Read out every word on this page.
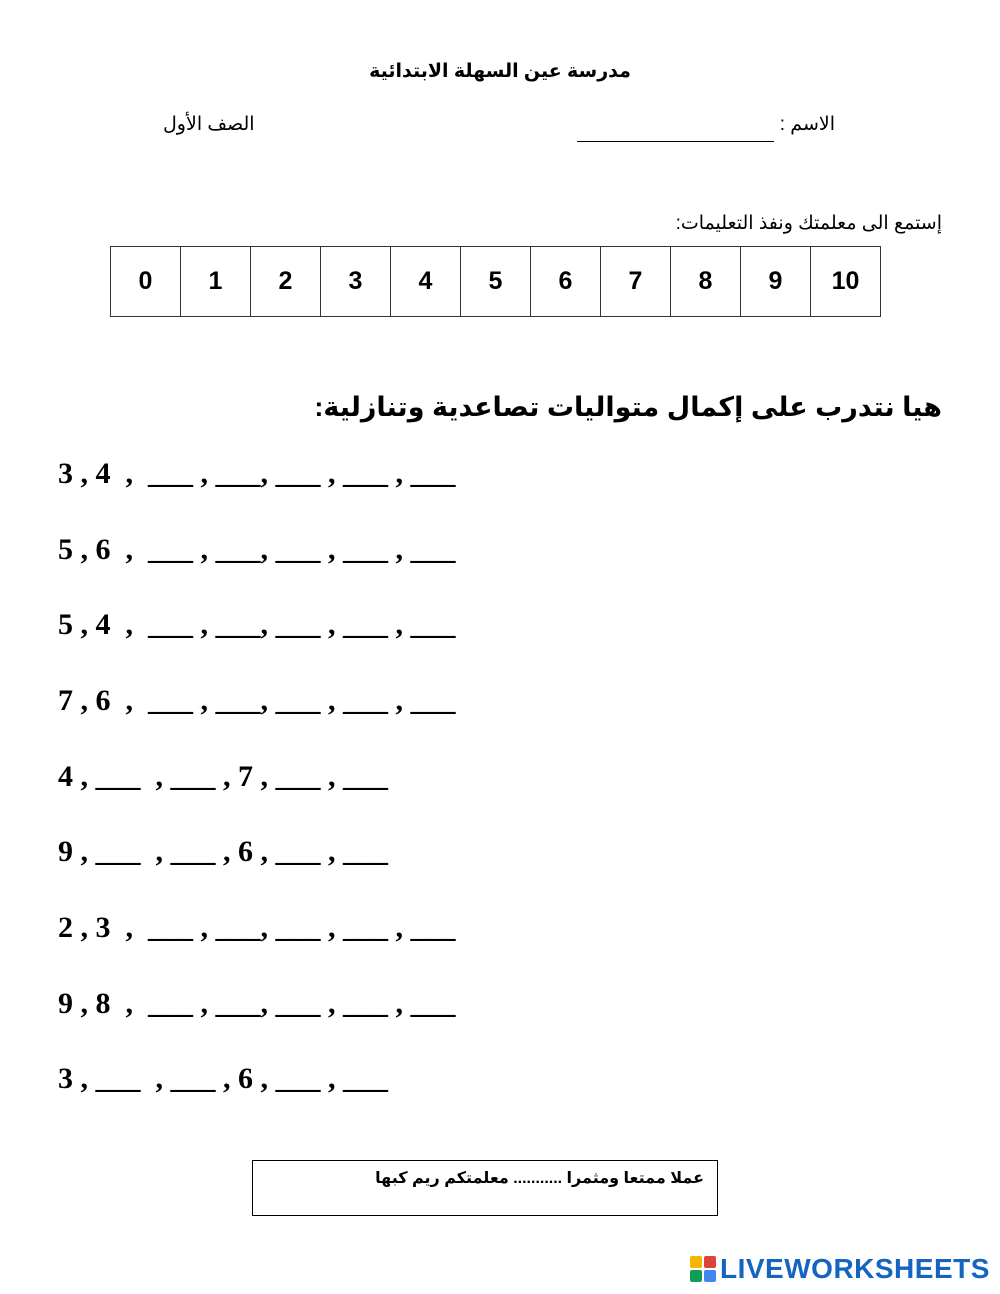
مدرسة عين السهلة الابتدائية
الاسم :
الصف الأول
إستمع الى معلمتك ونفذ التعليمات:
0	1	2	3	4	5	6	7	8	9	10
هيا نتدرب على إكمال متواليات تصاعدية وتنازلية:
3 , 4  ,  ___ , ___, ___ , ___ , ___
5 , 6  ,  ___ , ___, ___ , ___ , ___
5 , 4  ,  ___ , ___, ___ , ___ , ___
7 , 6  ,  ___ , ___, ___ , ___ , ___
4 , ___  , ___ , 7 , ___ , ___
9 , ___  , ___ , 6 , ___ , ___
2 , 3  ,  ___ , ___, ___ , ___ , ___
9 , 8  ,  ___ , ___, ___ , ___ , ___
3 , ___  , ___ , 6 , ___ , ___
عملا ممتعا ومثمرا ........... معلمتكم ريم كبها
LIVEWORKSHEETS
